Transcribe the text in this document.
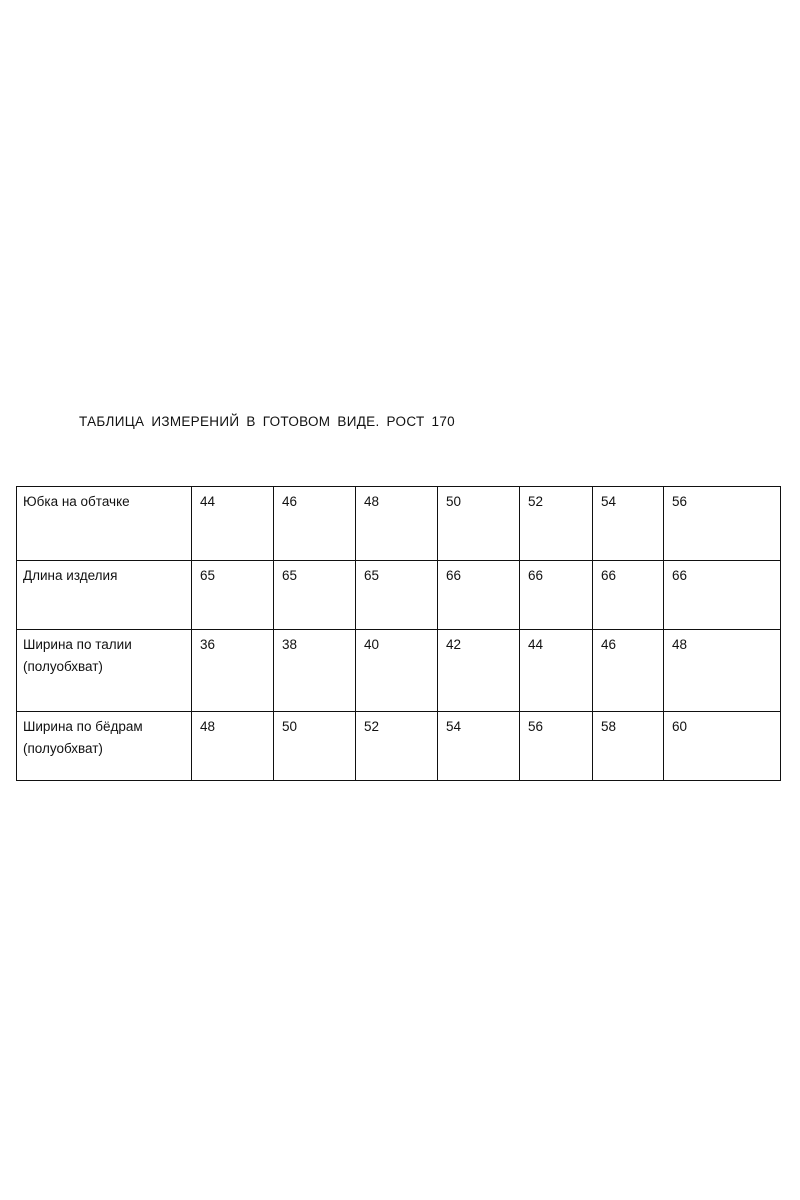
ТАБЛИЦА ИЗМЕРЕНИЙ В ГОТОВОМ ВИДЕ. РОСТ 170
Юбка на обтачке	44	46	48	50	52	54	56

Длина изделия	65	65	65	66	66	66	66

Ширина по талии
(полуобхват)	36	38	40	42	44	46	48

Ширина по бёдрам
(полуобхват)	48	50	52	54	56	58	60
